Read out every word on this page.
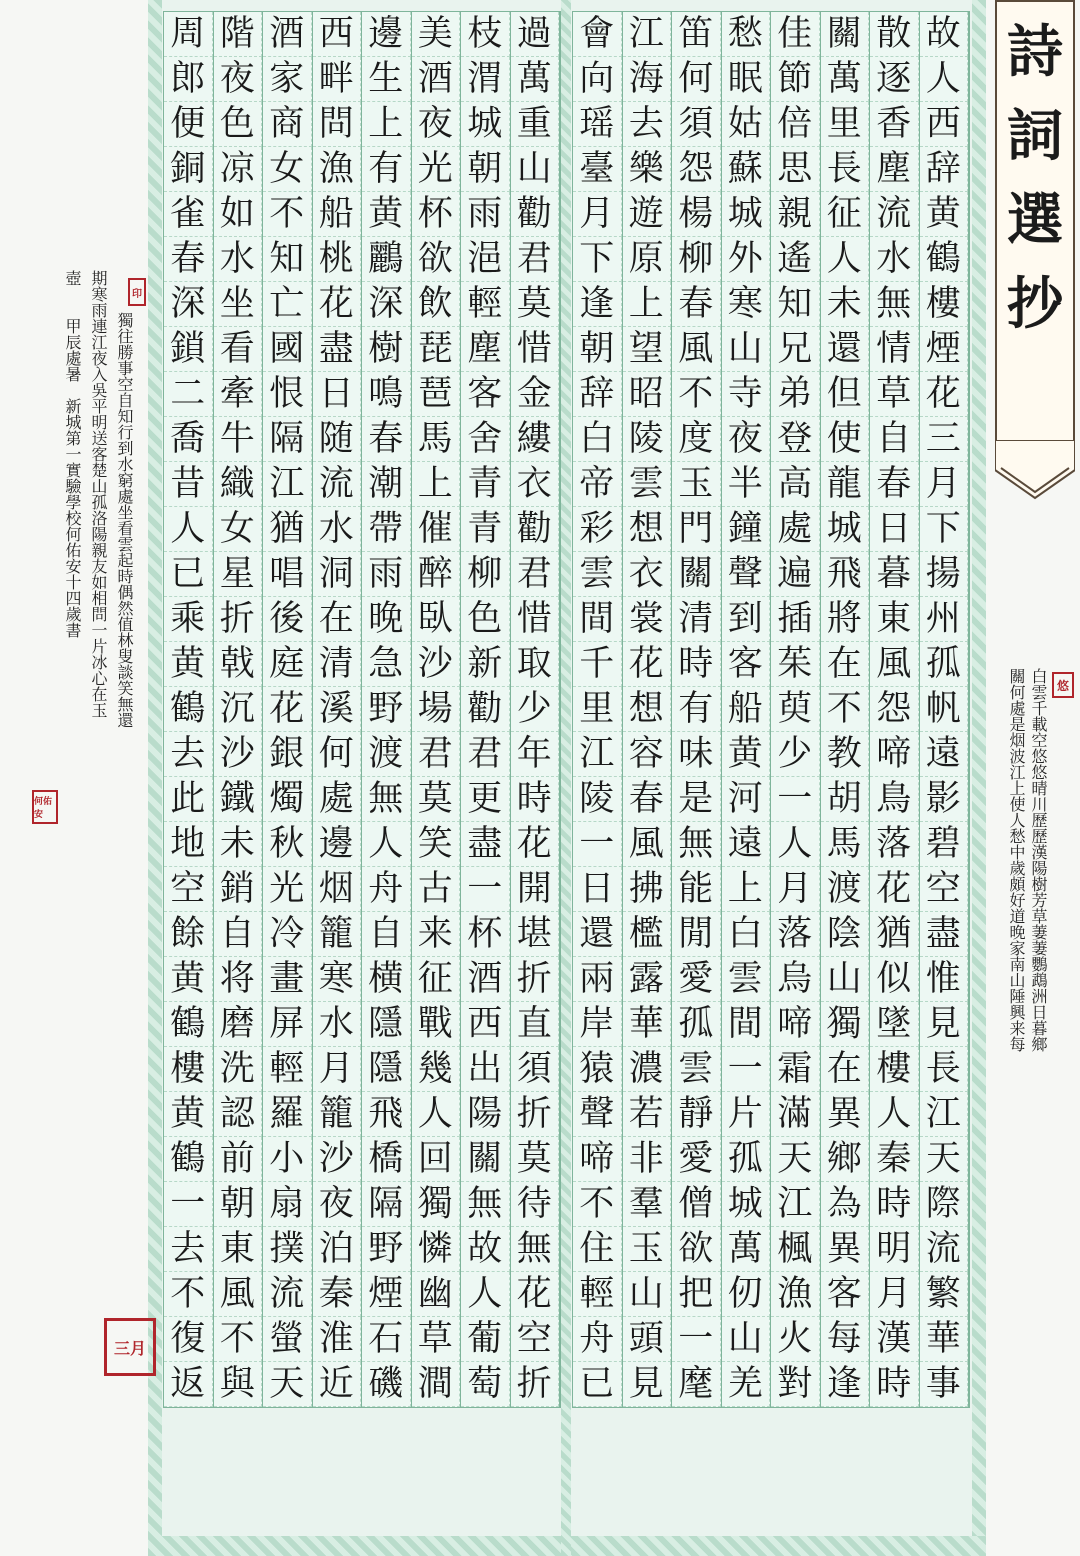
周
郎
便
銅
雀
春
深
鎖
二
喬
昔
人
已
乘
黄
鶴
去
此
地
空
餘
黄
鶴
樓
黄
鶴
一
去
不
復
返
階
夜
色
凉
如
水
坐
看
牽
牛
織
女
星
折
戟
沉
沙
鐵
未
銷
自
将
磨
洗
認
前
朝
東
風
不
與
酒
家
商
女
不
知
亡
國
恨
隔
江
猶
唱
後
庭
花
銀
燭
秋
光
冷
畫
屏
輕
羅
小
扇
撲
流
螢
天
西
畔
問
漁
船
桃
花
盡
日
随
流
水
洞
在
清
溪
何
處
邊
烟
籠
寒
水
月
籠
沙
夜
泊
秦
淮
近
邊
生
上
有
黄
鸝
深
樹
鳴
春
潮
帶
雨
晚
急
野
渡
無
人
舟
自
横
隱
隱
飛
橋
隔
野
煙
石
磯
美
酒
夜
光
杯
欲
飲
琵
琶
馬
上
催
醉
臥
沙
場
君
莫
笑
古
来
征
戰
幾
人
回
獨
憐
幽
草
澗
枝
渭
城
朝
雨
浥
輕
塵
客
舍
青
青
柳
色
新
勸
君
更
盡
一
杯
酒
西
出
陽
關
無
故
人
葡
萄
過
萬
重
山
勸
君
莫
惜
金
縷
衣
勸
君
惜
取
少
年
時
花
開
堪
折
直
須
折
莫
待
無
花
空
折
會
向
瑶
臺
月
下
逢
朝
辞
白
帝
彩
雲
間
千
里
江
陵
一
日
還
兩
岸
猿
聲
啼
不
住
輕
舟
已
江
海
去
樂
遊
原
上
望
昭
陵
雲
想
衣
裳
花
想
容
春
風
拂
檻
露
華
濃
若
非
羣
玉
山
頭
見
笛
何
須
怨
楊
柳
春
風
不
度
玉
門
關
清
時
有
味
是
無
能
閒
愛
孤
雲
靜
愛
僧
欲
把
一
麾
愁
眠
姑
蘇
城
外
寒
山
寺
夜
半
鐘
聲
到
客
船
黄
河
遠
上
白
雲
間
一
片
孤
城
萬
仞
山
羌
佳
節
倍
思
親
遙
知
兄
弟
登
高
處
遍
插
茱
萸
少
一
人
月
落
烏
啼
霜
滿
天
江
楓
漁
火
對
關
萬
里
長
征
人
未
還
但
使
龍
城
飛
將
在
不
教
胡
馬
渡
陰
山
獨
在
異
鄉
為
異
客
每
逢
散
逐
香
塵
流
水
無
情
草
自
春
日
暮
東
風
怨
啼
鳥
落
花
猶
似
墜
樓
人
秦
時
明
月
漢
時
故
人
西
辞
黄
鶴
樓
煙
花
三
月
下
揚
州
孤
帆
遠
影
碧
空
盡
惟
見
長
江
天
際
流
繁
華
事
詩
詞
選
抄
白雲千載空悠悠晴川歷歷漢陽樹芳草萋萋鸚鵡洲日暮鄉
關何處是烟波江上使人愁中歲頗好道晚家南山陲興来每	悠
獨往勝事空自知行到水窮處坐看雲起時偶然值林叟談笑無還
期寒雨連江夜入吳平明送客楚山孤洛陽親友如相問一片冰心在玉
壺　　甲辰處暑　新城第一實驗學校何佑安十四歲書	印
何佑安
三月
